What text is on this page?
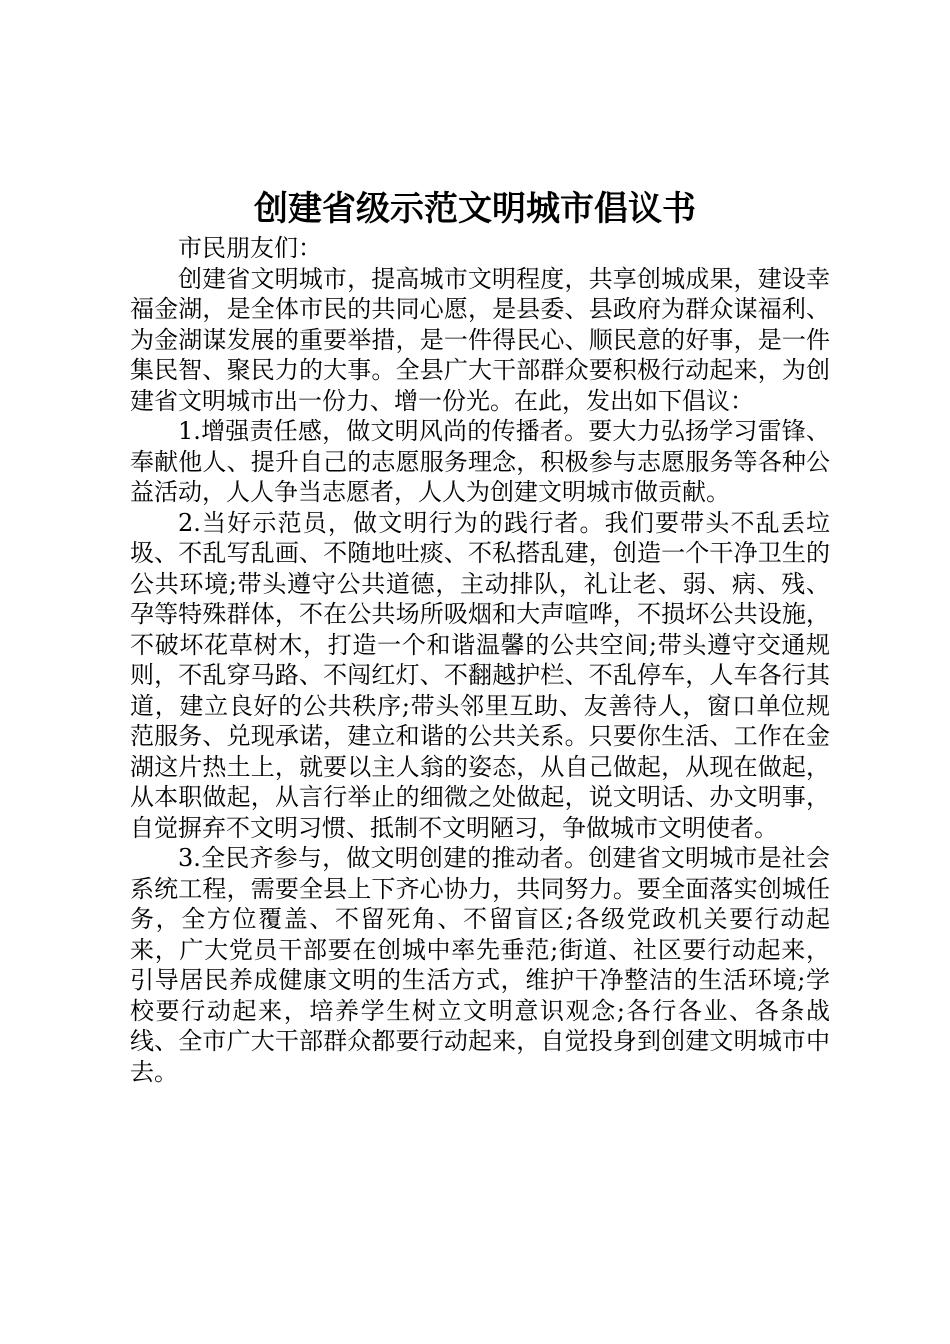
创建省级示范文明城市倡议书

市民朋友们：

创建省文明城市，提高城市文明程度，共享创城成果，建设幸福金湖，是全体市民的共同心愿，是县委、县政府为群众谋福利、为金湖谋发展的重要举措，是一件得民心、顺民意的好事，是一件集民智、聚民力的大事。全县广大干部群众要积极行动起来，为创建省文明城市出一份力、增一份光。在此，发出如下倡议：

1.增强责任感，做文明风尚的传播者。要大力弘扬学习雷锋、奉献他人、提升自己的志愿服务理念，积极参与志愿服务等各种公益活动，人人争当志愿者，人人为创建文明城市做贡献。

2.当好示范员，做文明行为的践行者。我们要带头不乱丢垃圾、不乱写乱画、不随地吐痰、不私搭乱建，创造一个干净卫生的公共环境;带头遵守公共道德，主动排队，礼让老、弱、病、残、孕等特殊群体，不在公共场所吸烟和大声喧哗，不损坏公共设施，不破坏花草树木，打造一个和谐温馨的公共空间;带头遵守交通规则，不乱穿马路、不闯红灯、不翻越护栏、不乱停车，人车各行其道，建立良好的公共秩序;带头邻里互助、友善待人，窗口单位规范服务、兑现承诺，建立和谐的公共关系。只要你生活、工作在金湖这片热土上，就要以主人翁的姿态，从自己做起，从现在做起，从本职做起，从言行举止的细微之处做起，说文明话、办文明事，自觉摒弃不文明习惯、抵制不文明陋习，争做城市文明使者。

3.全民齐参与，做文明创建的推动者。创建省文明城市是社会系统工程，需要全县上下齐心协力，共同努力。要全面落实创城任务，全方位覆盖、不留死角、不留盲区;各级党政机关要行动起来，广大党员干部要在创城中率先垂范;街道、社区要行动起来，引导居民养成健康文明的生活方式，维护干净整洁的生活环境;学校要行动起来，培养学生树立文明意识观念;各行各业、各条战线、全市广大干部群众都要行动起来，自觉投身到创建文明城市中去。
